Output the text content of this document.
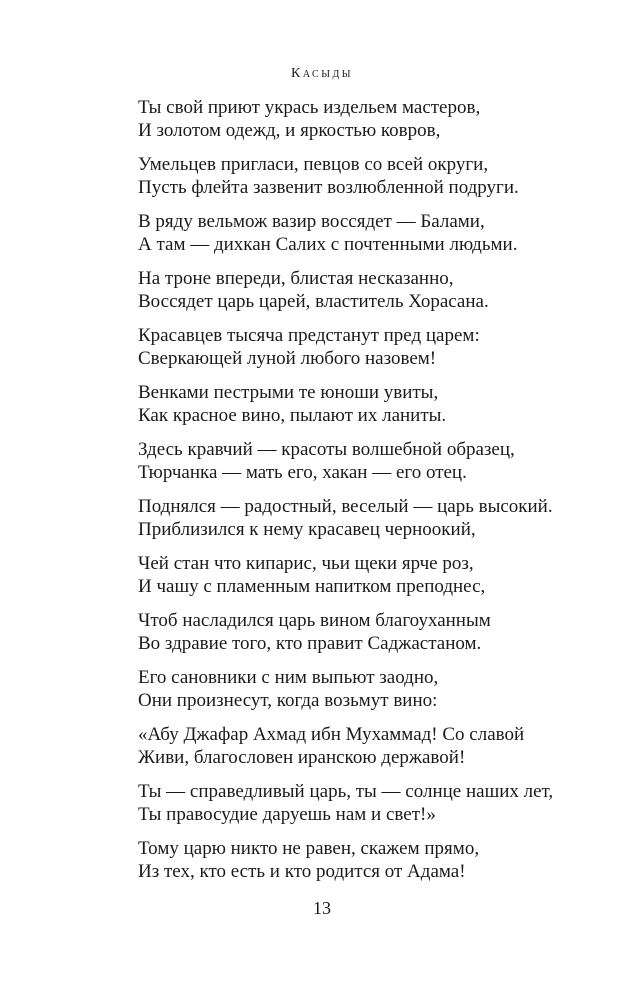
Касыды
Ты свой приют укрась издельем мастеров,
И золотом одежд, и яркостью ковров,
Умельцев пригласи, певцов со всей округи,
Пусть флейта зазвенит возлюбленной подруги.
В ряду вельмож вазир воссядет — Балами,
А там — дихкан Салих с почтенными людьми.
На троне впереди, блистая несказанно,
Воссядет царь царей, властитель Хорасана.
Красавцев тысяча предстанут пред царем:
Сверкающей луной любого назовем!
Венками пестрыми те юноши увиты,
Как красное вино, пылают их ланиты.
Здесь кравчий — красоты волшебной образец,
Тюрчанка — мать его, хакан — его отец.
Поднялся — радостный, веселый — царь высокий.
Приблизился к нему красавец черноокий,
Чей стан что кипарис, чьи щеки ярче роз,
И чашу с пламенным напитком преподнес,
Чтоб насладился царь вином благоуханным
Во здравие того, кто правит Саджастаном.
Его сановники с ним выпьют заодно,
Они произнесут, когда возьмут вино:
«Абу Джафар Ахмад ибн Мухаммад! Со славой
Живи, благословен иранскою державой!
Ты — справедливый царь, ты — солнце наших лет,
Ты правосудие даруешь нам и свет!»
Тому царю никто не равен, скажем прямо,
Из тех, кто есть и кто родится от Адама!
13
